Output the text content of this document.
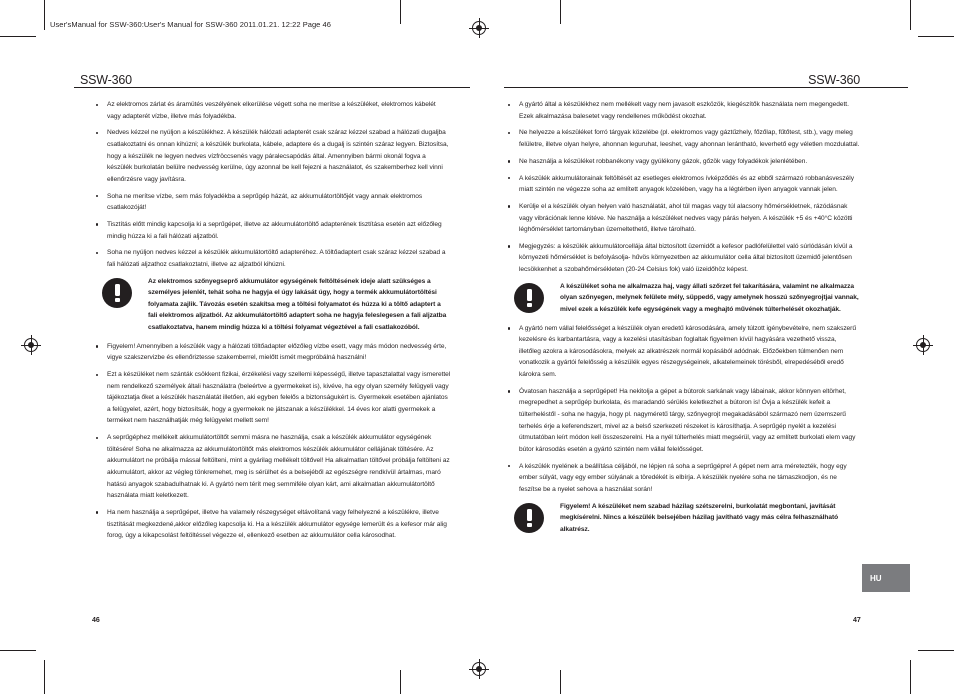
User'sManual for SSW-360:User's Manual for SSW-360 2011.01.21. 12:22 Page 46
SSW-360
Az elektromos zárlat és áramütés veszélyének elkerülése végett soha ne merítse a készüléket, elektromos kábelét vagy adapterét vízbe, illetve más folyadékba.
Nedves kézzel ne nyúljon a készülékhez. A készülék hálózati adapterét csak száraz kézzel szabad a hálózati dugaljba csatlakoztatni és onnan kihúzni; a készülék burkolata, kábele, adaptere és a dugalj is szintén száraz legyen. Biztosítsa, hogy a készülék ne legyen nedves vízfröccsenés vagy páralecsapódás által. Amennyiben bármi okonál fogva a készülék burkolatán belülre nedvesség kerülne, úgy azonnal be kell fejezni a használatot, és szakemberhez kell vinni ellenőrzésre vagy javításra.
Soha ne merítse vízbe, sem más folyadékba a seprűgép házát, az akkumulátortöltőjét vagy annak elektromos csatlakozóját!
Tisztítás előtt mindig kapcsolja ki a seprűgépet, illetve az akkumulátortöltő adapterének tisztítása esetén azt előzőleg mindig húzza ki a fali hálózati aljzatból.
Soha ne nyúljon nedves kézzel a készülék akkumulátortöltő adapteréhez. A töltőadaptert csak száraz kézzel szabad a fali hálózati aljzathoz csatlakoztatni, illetve az aljzatból kihúzni.

Az elektromos szőnyegseprő akkumulátor egységének feltöltésének ideje alatt szükséges a személyes jelenlét, tehát soha ne hagyja el úgy lakását úgy, hogy a termék akkumulátortöltési folyamata zajlik. Távozás esetén szakítsa meg a töltési folyamatot és húzza ki a töltő adaptert a fali elektromos aljzatból. Az akkumulátortöltő adaptert soha ne hagyja feleslegesen a fali aljzatba csatlakoztatva, hanem mindig húzza ki a töltési folyamat végeztével a fali csatlakozóból.

Figyelem! Amennyiben a készülék vagy a hálózati töltőadapter előzőleg vízbe esett, vagy más módon nedvesség érte, vigye szakszervizbe és ellenőriztesse szakemberrel, mielőtt ismét megpróbálná használni!
Ezt a készüléket nem szánták csökkent fizikai, érzékelési vagy szellemi képességű, illetve tapasztalattal vagy ismerettel nem rendelkező személyek általi használatra (beleértve a gyermekeket is), kivéve, ha egy olyan személy felügyeli vagy tájékoztatja őket a készülék használatát illetően, aki egyben felelős a biztonságukért is. Gyermekek esetében ajánlatos a felügyelet, azért, hogy biztosítsák, hogy a gyermekek ne játszanak a készülékkel. 14 éves kor alatti gyermekek a terméket nem használhatják még felügyelet mellett sem!
A seprűgéphez mellékelt akkumulátortöltőt semmi másra ne használja, csak a készülék akkumulátor egységének töltésére! Soha ne alkalmazza az akkumulátortöltőt más elektromos készülék akkumulátor cellájának töltésére. Az akkumulátort ne próbálja mással feltölteni, mint a gyárilag mellékelt töltővel! Ha alkalmatlan töltővel próbálja feltölteni az akkumulátort, akkor az végleg tönkremehet, meg is sérülhet és a belsejéből az egészségre rendkívül ártalmas, maró hatású anyagok szabadulhatnak ki. A gyártó nem térít meg semmiféle olyan kárt, ami alkalmatlan akkumulátortöltő használata miatt keletkezett.
Ha nem használja a seprűgépet, illetve ha valamely részegységet eltávolítaná vagy felhelyezné a készülékre, illetve tisztítását megkezdené,akkor előzőleg kapcsolja ki. Ha a készülék akkumulátor egysége lemerült és a kefesor már alig forog, úgy a kikapcsolást feltöltéssel végezze el, ellenkező esetben az akkumulátor cella károsodhat.
46
SSW-360
A gyártó által a készülékhez nem mellékelt vagy nem javasolt eszközök, kiegészítők használata nem megengedett. Ezek alkalmazása balesetet vagy rendellenes működést okozhat.
Ne helyezze a készüléket forró tárgyak közelébe (pl. elektromos vagy gáztűzhely, főzőlap, fűtőtest, stb.), vagy meleg felületre, illetve olyan helyre, ahonnan leguruhat, leeshet, vagy ahonnan lerántható, leverhető egy véletlen mozdulattal.
Ne használja a készüléket robbanékony vagy gyúlékony gázok, gőzök vagy folyadékok jelenlétében.
A készülék akkumulátorainak feltöltését az esetleges elektromos ívképződés és az ebből származó robbanásveszély miatt szintén ne végezze soha az említett anyagok közelében, vagy ha a légtérben ilyen anyagok vannak jelen.
Kerülje el a készülék olyan helyen való használatát, ahol túl magas vagy túl alacsony hőmérsékletnek, rázódásnak vagy vibrációnak lenne kitéve. Ne használja a készüléket nedves vagy párás helyen. A készülék +5 és +40°C közötti léghőmérséklet tartományban üzemeltethető, illetve tárolható.
Megjegyzés: a készülék akkumulátorcellája által biztosított üzemidőt a kefesor padlófelülettel való súrlódásán kívül a környezeti hőmérséklet is befolyásolja- hűvös környezetben az akkumulátor cella által biztosított üzemidő jelentősen lecsökkenhet a szobahőmérsékleten (20-24 Celsius fok) való üzeidőhöz képest.

A készüléket soha ne alkalmazza haj, vagy állati szőrzet fel takarítására, valamint ne alkalmazza olyan szőnyegen, melynek felülete mély, süppedő, vagy amelynek hosszú szőnyegrojtjai vannak, mivel ezek a készülék kefe egységének vagy a meghajtó művének túlterhelését okozhatják.

A gyártó nem vállal felelősséget a készülék olyan eredetű károsodására, amely túlzott igénybevételre, nem szakszerű kezelésre és karbantartásra, vagy a kezelési utasításban foglaltak figyelmen kívül hagyására vezethető vissza, illetőleg azokra a károsodásokra, melyek az alkatrészek normál kopásából adódnak. Előzőekben túlmenően nem vonatkozik a gyártói felelősség a készülék egyes részegységeinek, alkatelemeinek törésből, elrepedéséből eredő károkra sem.
Óvatosan használja a seprűgépet! Ha nekitolja a gépet a bútorok sarkának vagy lábainak, akkor könnyen eltörhet, megrepedhet a seprűgép burkolata, és maradandó sérülés keletkezhet a bútoron is! Óvja a készülék kefeit a túlterheléstől - soha ne hagyja, hogy pl. nagyméretű tárgy, szőnyegrojt megakadásából származó nem üzemszerű terhelés érje a keferendszert, mivel az a belső szerkezeti részeket is károsíthatja. A seprűgép nyelét a kezelési útmutatóban leírt módon kell összeszerelni. Ha a nyél túlterhelés miatt megsérül, vagy az említett burkolati elem vagy bútor károsodás esetén a gyártó szintén nem vállal felelősséget.
A készülék nyelének a beállítása céljából, ne lépjen rá soha a seprűgépre! A gépet nem arra méretezték, hogy egy ember súlyát, vagy egy ember súlyának a töredékét is elbírja. A készülék nyelére soha ne támaszkodjon, és ne feszítse be a nyelet sehova a használat során!

Figyelem! A készüléket nem szabad házilag szétszerelni, burkolatát megbontani, javítását megkísérelni. Nincs a készülék belsejében házilag javítható vagy más célra felhasználható alkatrész.

HU
47
